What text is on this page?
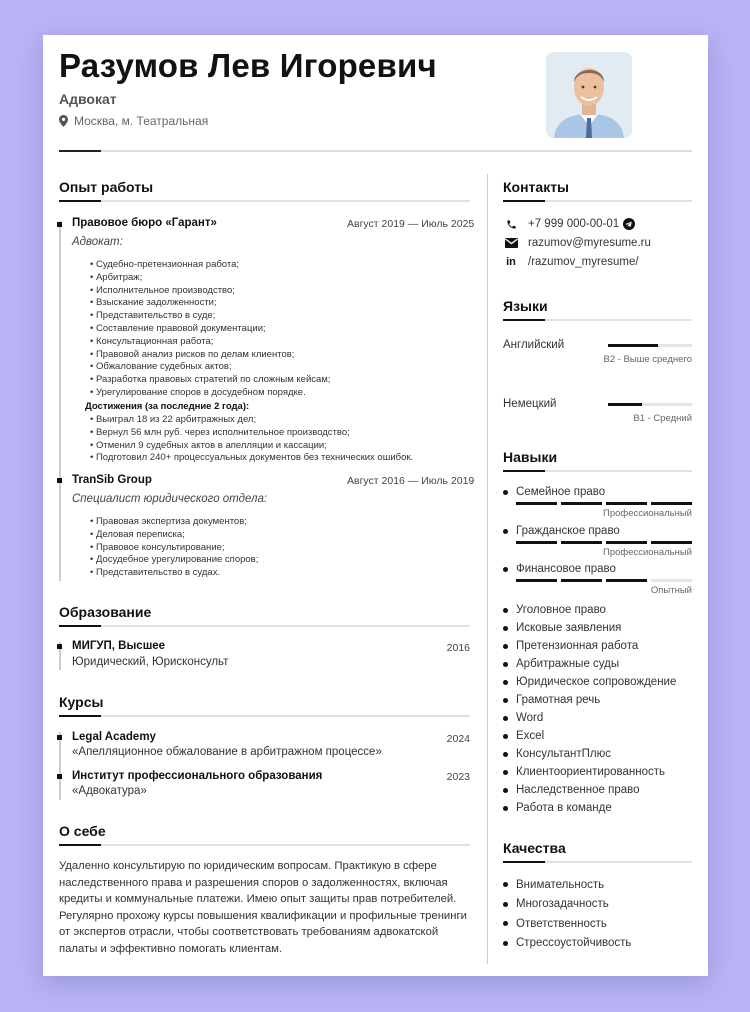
Разумов Лев Игоревич
Адвокат
Москва, м. Театральная
Опыт работы
Правовое бюро «Гарант»	Август 2019 — Июль 2025
Адвокат:
• Судебно-претензионная работа;
• Арбитраж;
• Исполнительное производство;
• Взыскание задолженности;
• Представительство в суде;
• Составление правовой документации;
• Консультационная работа;
• Правовой анализ рисков по делам клиентов;
• Обжалование судебных актов;
• Разработка правовых стратегий по сложным кейсам;
• Урегулирование споров в досудебном порядке.
Достижения (за последние 2 года):
• Выиграл 18 из 22 арбитражных дел;
• Вернул 56 млн руб. через исполнительное производство;
• Отменил 9 судебных актов в апелляции и кассации;
• Подготовил 240+ процессуальных документов без технических ошибок.
TranSib Group	Август 2016 — Июль 2019
Специалист юридического отдела:
• Правовая экспертиза документов;
• Деловая переписка;
• Правовое консультирование;
• Досудебное урегулирование споров;
• Представительство в судах.
Образование
МИГУП, Высшее	2016
Юридический, Юрисконсульт
Курсы
Legal Academy	2024
«Апелляционное обжалование в арбитражном процессе»
Институт профессионального образования	2023
«Адвокатура»
О себе
Удаленно консультирую по юридическим вопросам. Практикую в сфере наследственного права и разрешения споров о задолженностях, включая кредиты и коммунальные платежи. Имею опыт защиты прав потребителей. Регулярно прохожу курсы повышения квалификации и профильные тренинги от экспертов отрасли, чтобы соответствовать требованиям адвокатской палаты и эффективно помогать клиентам.
Контакты
+7 999 000-00-01
razumov@myresume.ru
in /razumov_myresume/
Языки
Английский
B2 - Выше среднего
Немецкий
B1 - Средний
Навыки
Семейное право
Профессиональный
Гражданское право
Профессиональный
Финансовое право
Опытный
Уголовное право
Исковые заявления
Претензионная работа
Арбитражные суды
Юридическое сопровождение
Грамотная речь
Word
Excel
КонсультантПлюс
Клиентоориентированность
Наследственное право
Работа в команде
Качества
Внимательность
Многозадачность
Ответственность
Стрессоустойчивость
